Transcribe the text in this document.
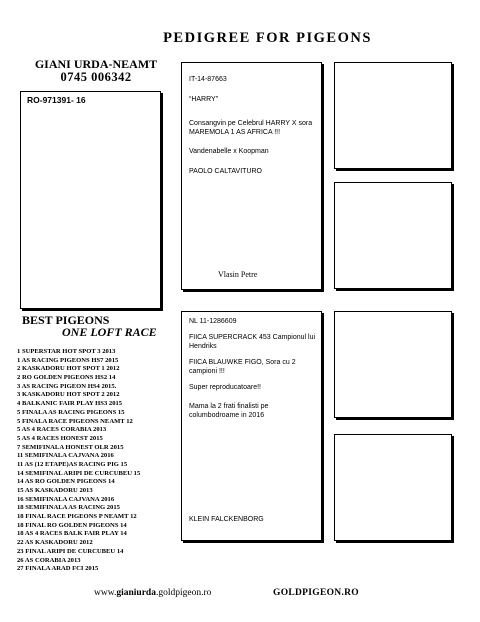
PEDIGREE FOR PIGEONS
GIANI URDA-NEAMT
0745 006342
RO-971391- 16
IT-14-87663
“HARRY”
Consangvin pe Celebrul HARRY X sora MAREMOLA 1 AS AFRICA !!!
Vandenabelle x Koopman
PAOLO CALTAVITURO
Vlasin Petre
NL 11-1286609
FIICA SUPERCRACK 453 Campionul lui Hendriks
FIICA BLAUWKE FIGO, Sora cu 2 campioni !!!
Super reproducatoare!!
Mama la 2 frati finalisti pe columbodroame in 2016
KLEIN FALCKENBORG
BEST PIGEONS
ONE LOFT RACE
1 SUPERSTAR HOT SPOT 3 2013
1 AS RACING PIGEONS HS7 2015
2 KASKADORU HOT SPOT 1 2012
2 RO GOLDEN PIGEONS HS2 14
3 AS RACING PIGEON HS4 2015.
3 KASKADORU HOT SPOT 2 2012
4 BALKANIC FAIR PLAY HS3 2015
5 FINALA AS RACING PIGEONS 15
5 FINALA RACE PIGEONS NEAMT 12
5 AS 4 RACES CORABIA 2013
5 AS 4 RACES HONEST 2015
7 SEMIFINALA HONEST OLR 2015
11 SEMIFINALA CAJVANA 2016
11 AS (12 ETAPE)AS RACING PIG 15
14 SEMIFINAL ARIPI DE CURCUBEU 15
14 AS RO GOLDEN PIGEONS 14
15 AS KASKADORU 2013
16 SEMIFINALA CAJVANA 2016
18 SEMIFINALA AS RACING 2015
18 FINAL RACE PIGEONS P NEAMT 12
18 FINAL RO GOLDEN PIGEONS 14
18 AS 4 RACES BALK FAIR PLAY 14
22 AS KASKADORU 2012
23 FINAL ARIPI DE CURCUBEU 14
26 AS CORABIA 2013
27 FINALA ARAD FCI 2015
www.gianiurda.goldpigeon.ro	GOLDPIGEON.RO
